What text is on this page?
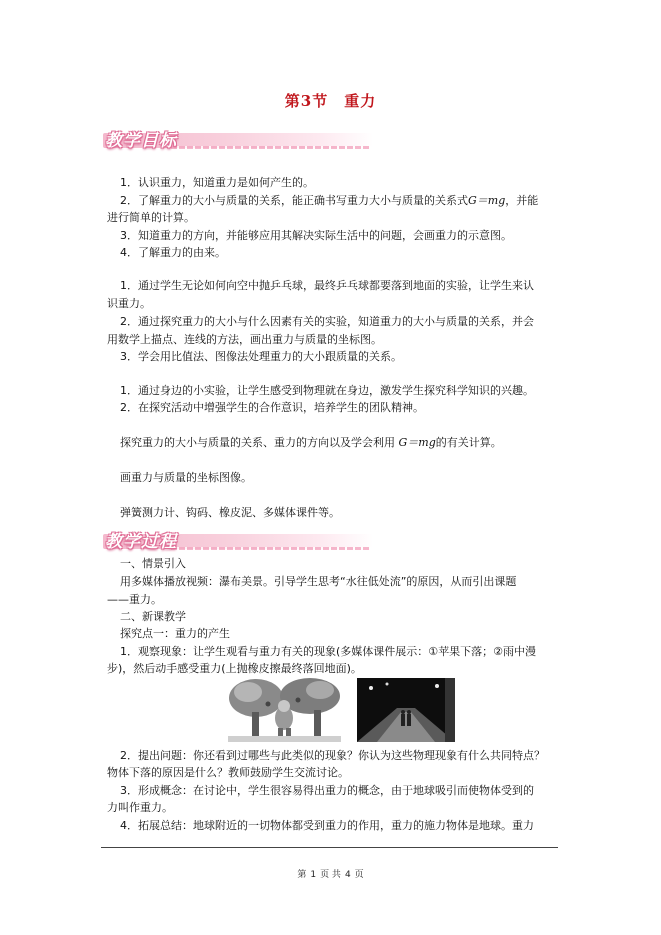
第3节　重力
教学目标
1．认识重力，知道重力是如何产生的。
2．了解重力的大小与质量的关系，能正确书写重力大小与质量的关系式G＝mg，并能
进行简单的计算。
3．知道重力的方向，并能够应用其解决实际生活中的问题，会画重力的示意图。
4．了解重力的由来。
1．通过学生无论如何向空中抛乒乓球，最终乒乓球都要落到地面的实验，让学生来认
识重力。
2．通过探究重力的大小与什么因素有关的实验，知道重力的大小与质量的关系，并会
用数学上描点、连线的方法，画出重力与质量的坐标图。
3．学会用比值法、图像法处理重力的大小跟质量的关系。
1．通过身边的小实验，让学生感受到物理就在身边，激发学生探究科学知识的兴趣。
2．在探究活动中增强学生的合作意识，培养学生的团队精神。
探究重力的大小与质量的关系、重力的方向以及学会利用 G＝mg的有关计算。
画重力与质量的坐标图像。
弹簧测力计、钩码、橡皮泥、多媒体课件等。
教学过程
一、情景引入
用多媒体播放视频：瀑布美景。引导学生思考“水往低处流”的原因，从而引出课题
——重力。
二、新课教学
探究点一：重力的产生
1．观察现象：让学生观看与重力有关的现象(多媒体课件展示：①苹果下落；②雨中漫
步)，然后动手感受重力(上抛橡皮擦最终落回地面)。
2．提出问题：你还看到过哪些与此类似的现象？你认为这些物理现象有什么共同特点？
物体下落的原因是什么？教师鼓励学生交流讨论。
3．形成概念：在讨论中，学生很容易得出重力的概念，由于地球吸引而使物体受到的
力叫作重力。
4．拓展总结：地球附近的一切物体都受到重力的作用，重力的施力物体是地球。重力
第 1 页 共 4 页
